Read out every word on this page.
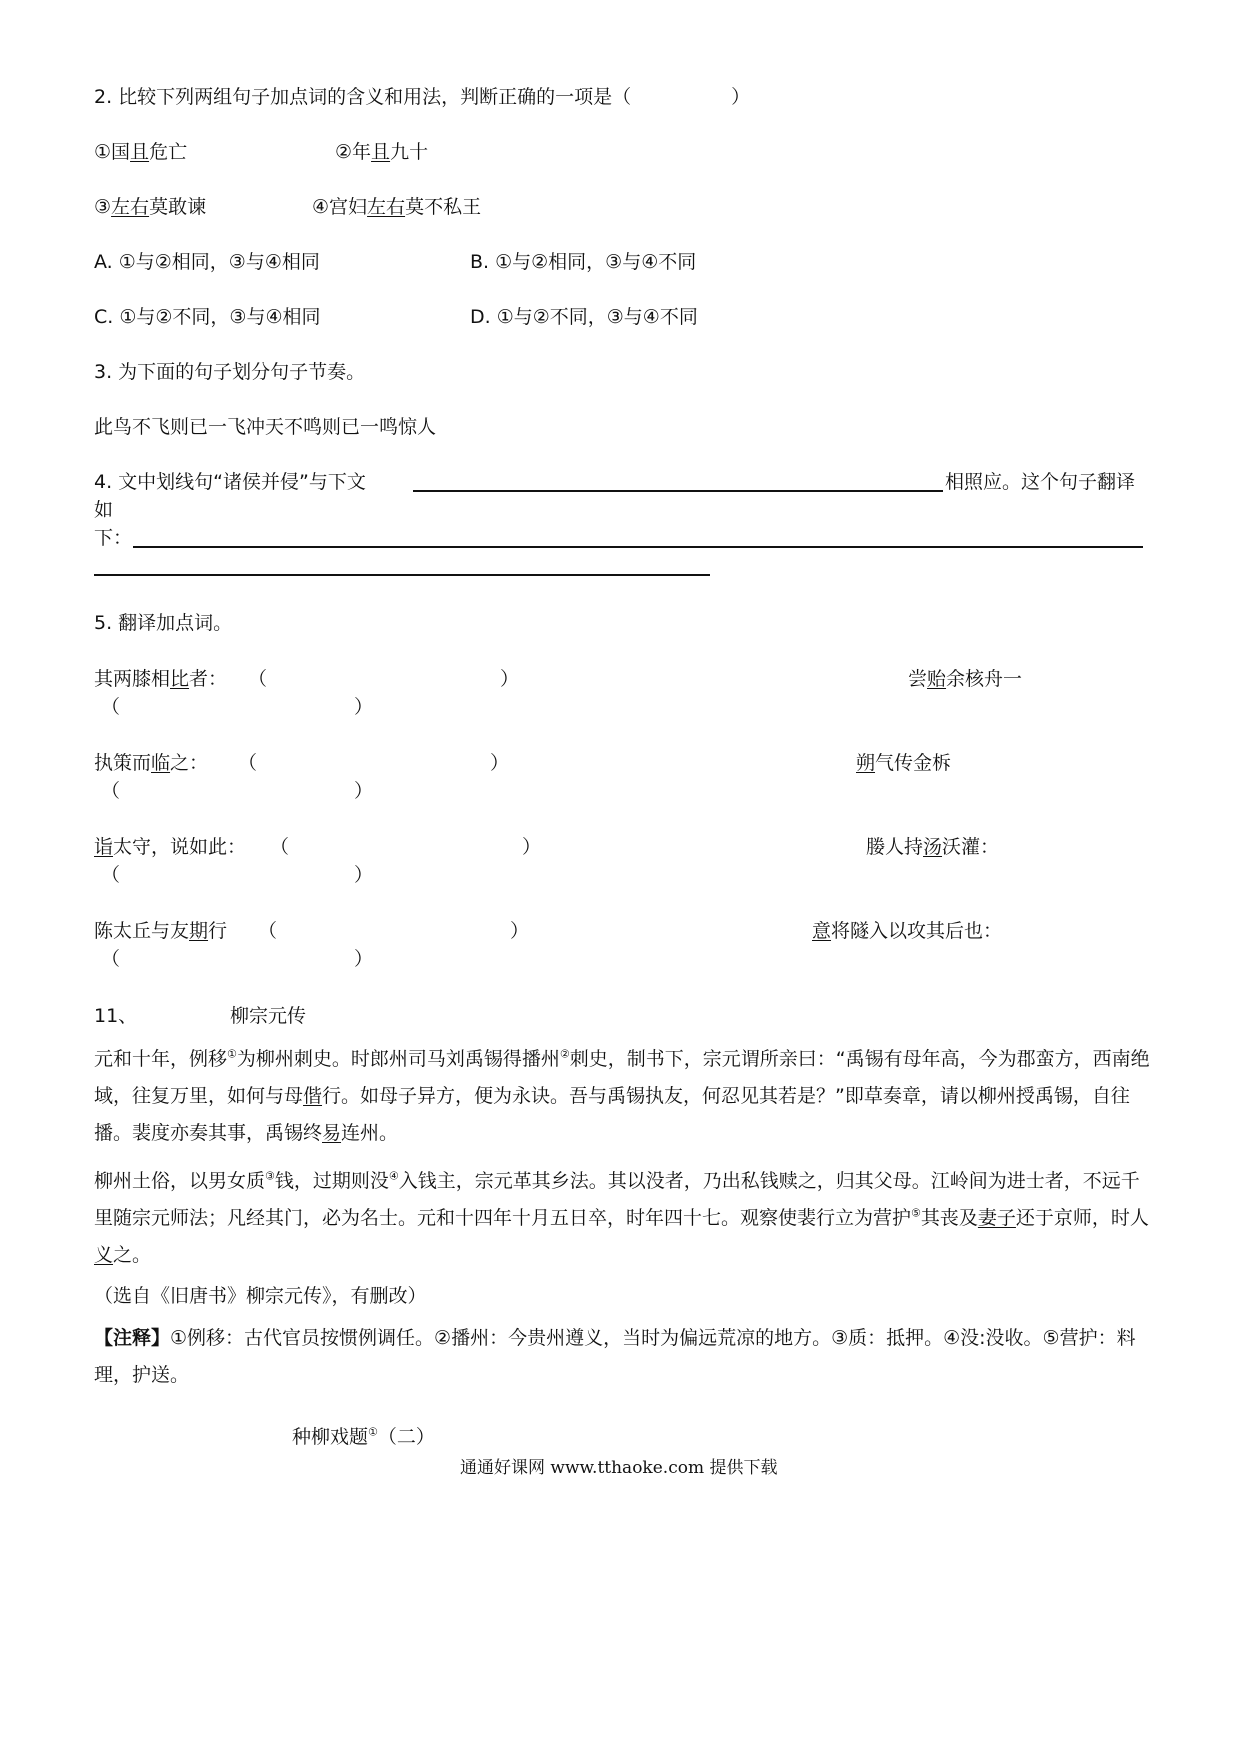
2. 比较下列两组句子加点词的含义和用法，判断正确的一项是（	）
①国且危亡	②年且九十
③左右莫敢谏	④宫妇左右莫不私王
A. ①与②相同，③与④相同	B. ①与②相同，③与④不同
C. ①与②不同，③与④相同	D. ①与②不同，③与④不同
3. 为下面的句子划分句子节奏。
此鸟不飞则已一飞冲天不鸣则已一鸣惊人
4. 文中划线句“诸侯并侵”与下文	相照应。这个句子翻译
如
下：
5. 翻译加点词。
其两膝相比者： （	）	尝贻余核舟一
（	）
执策而临之： （	）	朔气传金柝
（	）
诣太守，说如此： （	）	媵人持汤沃灌：
（	）
陈太丘与友期行 （	）	意将隧入以攻其后也：
（	）
11、	柳宗元传
元和十年，例移①为柳州刺史。时郎州司马刘禹锡得播州②刺史，制书下，宗元谓所亲曰：“禹锡有母年高，今为郡蛮方，西南绝域，往复万里，如何与母偕行。如母子异方，便为永诀。吾与禹锡执友，何忍见其若是？”即草奏章，请以柳州授禹锡，自往播。裴度亦奏其事，禹锡终易连州。
柳州土俗，以男女质③钱，过期则没④入钱主，宗元革其乡法。其以没者，乃出私钱赎之，归其父母。江岭间为进士者，不远千里随宗元师法；凡经其门，必为名士。元和十四年十月五日卒，时年四十七。观察使裴行立为营护⑤其丧及妻子还于京师，时人义之。
（选自《旧唐书》柳宗元传》，有删改）
【注释】①例移：古代官员按惯例调任。②播州：今贵州遵义，当时为偏远荒凉的地方。③质：抵押。④没:没收。⑤营护：料理，护送。
种柳戏题①（二）
通通好课网 www.tthaoke.com 提供下载
